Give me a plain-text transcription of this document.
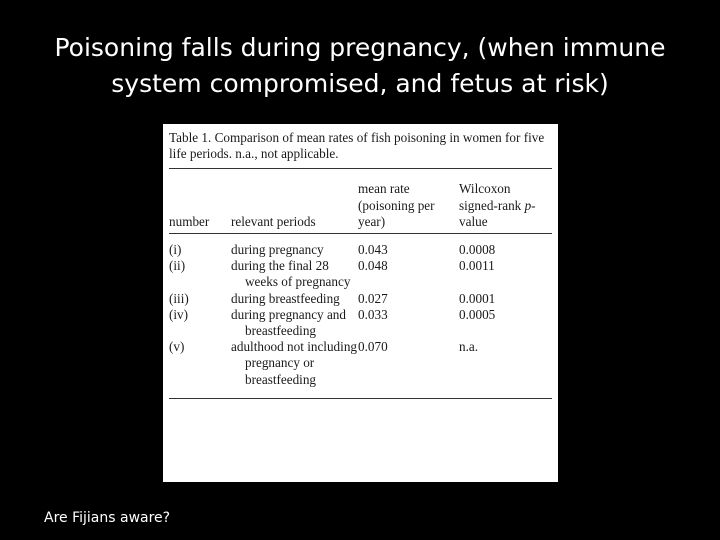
Poisoning falls during pregnancy, (when immune system compromised, and fetus at risk)
Table 1. Comparison of mean rates of fish poisoning in women for five life periods. n.a., not applicable.
number	relevant periods	mean rate (poisoning per year)	Wilcoxon signed-rank p-value
(i)	during pregnancy	0.043	0.0008
(ii)	during the final 28 weeks of pregnancy	0.048	0.0011
(iii)	during breastfeeding	0.027	0.0001
(iv)	during pregnancy and breastfeeding	0.033	0.0005
(v)	adulthood not including pregnancy or breastfeeding	0.070	n.a.
Are Fijians aware?
